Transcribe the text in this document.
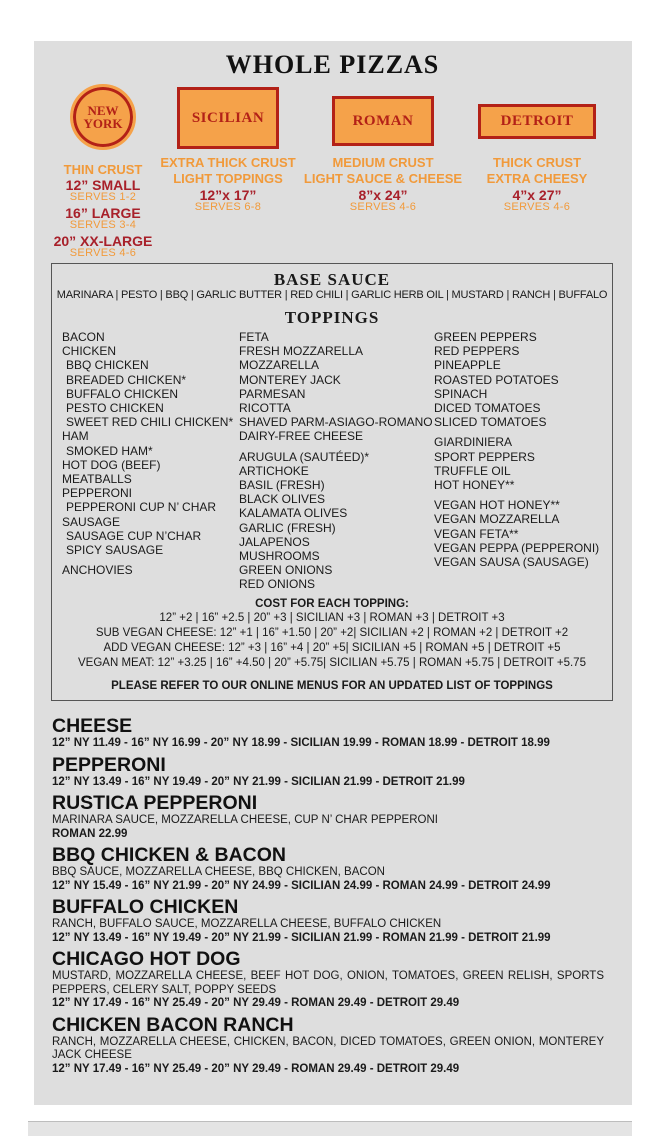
WHOLE PIZZAS
NEW
YORK
THIN CRUST
12” SMALL
SERVES 1-2
16” LARGE
SERVES 3-4
20” XX-LARGE
SERVES 4-6
SICILIAN
EXTRA THICK CRUST
LIGHT TOPPINGS
12”x 17”
SERVES 6-8
ROMAN
MEDIUM CRUST
LIGHT SAUCE & CHEESE
8”x 24”
SERVES 4-6
DETROIT
THICK CRUST
EXTRA CHEESY
4”x 27”
SERVES 4-6
BASE SAUCE
MARINARA | PESTO | BBQ | GARLIC BUTTER | RED CHILI | GARLIC HERB OIL | MUSTARD | RANCH | BUFFALO
TOPPINGS
BACON
CHICKEN
BBQ CHICKEN
BREADED CHICKEN*
BUFFALO CHICKEN
PESTO CHICKEN
SWEET RED CHILI CHICKEN*
HAM
SMOKED HAM*
HOT DOG (BEEF)
MEATBALLS
PEPPERONI
PEPPERONI CUP N’ CHAR
SAUSAGE
SAUSAGE CUP N’CHAR
SPICY SAUSAGE
ANCHOVIES
FETA
FRESH MOZZARELLA
MOZZARELLA
MONTEREY JACK
PARMESAN
RICOTTA
SHAVED PARM-ASIAGO-ROMANO
DAIRY-FREE CHEESE
ARUGULA (SAUTÉED)*
ARTICHOKE
BASIL (FRESH)
BLACK OLIVES
KALAMATA OLIVES
GARLIC (FRESH)
JALAPENOS
MUSHROOMS
GREEN ONIONS
RED ONIONS
GREEN PEPPERS
RED PEPPERS
PINEAPPLE
ROASTED POTATOES
SPINACH
DICED TOMATOES
SLICED TOMATOES
GIARDINIERA
SPORT PEPPERS
TRUFFLE OIL
HOT HONEY**
VEGAN HOT HONEY**
VEGAN MOZZARELLA
VEGAN FETA**
VEGAN PEPPA (PEPPERONI)
VEGAN SAUSA (SAUSAGE)
COST FOR EACH TOPPING:
12” +2 | 16” +2.5 | 20” +3 | SICILIAN +3 | ROMAN +3 | DETROIT +3
SUB VEGAN CHEESE: 12” +1 | 16” +1.50 | 20” +2| SICILIAN +2 | ROMAN +2 | DETROIT +2
ADD VEGAN CHEESE: 12” +3 | 16” +4 | 20” +5| SICILIAN +5 | ROMAN +5 | DETROIT +5
VEGAN MEAT: 12” +3.25 | 16” +4.50 | 20” +5.75| SICILIAN +5.75 | ROMAN +5.75 | DETROIT +5.75
PLEASE REFER TO OUR ONLINE MENUS FOR AN UPDATED LIST OF TOPPINGS
CHEESE
12” NY 11.49 - 16” NY 16.99 - 20” NY 18.99 - SICILIAN 19.99 - ROMAN 18.99 - DETROIT 18.99
PEPPERONI
12” NY 13.49 - 16” NY 19.49 - 20” NY 21.99 - SICILIAN 21.99 - DETROIT 21.99
RUSTICA PEPPERONI
MARINARA SAUCE, MOZZARELLA CHEESE, CUP N’ CHAR PEPPERONI
ROMAN 22.99
BBQ CHICKEN & BACON
BBQ SAUCE, MOZZARELLA CHEESE, BBQ CHICKEN, BACON
12” NY 15.49 - 16” NY 21.99 - 20” NY 24.99 - SICILIAN 24.99 - ROMAN 24.99 - DETROIT 24.99
BUFFALO CHICKEN
RANCH, BUFFALO SAUCE, MOZZARELLA CHEESE, BUFFALO CHICKEN
12” NY 13.49 - 16” NY 19.49 - 20” NY 21.99 - SICILIAN 21.99 - ROMAN 21.99 - DETROIT 21.99
CHICAGO HOT DOG
MUSTARD, MOZZARELLA CHEESE, BEEF HOT DOG, ONION, TOMATOES, GREEN RELISH, SPORTS PEPPERS, CELERY SALT, POPPY SEEDS
12” NY 17.49 - 16” NY 25.49 - 20” NY 29.49 - ROMAN 29.49 - DETROIT 29.49
CHICKEN BACON RANCH
RANCH, MOZZARELLA CHEESE, CHICKEN, BACON, DICED TOMATOES, GREEN ONION, MONTEREY JACK CHEESE
12” NY 17.49 - 16” NY 25.49 - 20” NY 29.49 - ROMAN 29.49 - DETROIT 29.49
